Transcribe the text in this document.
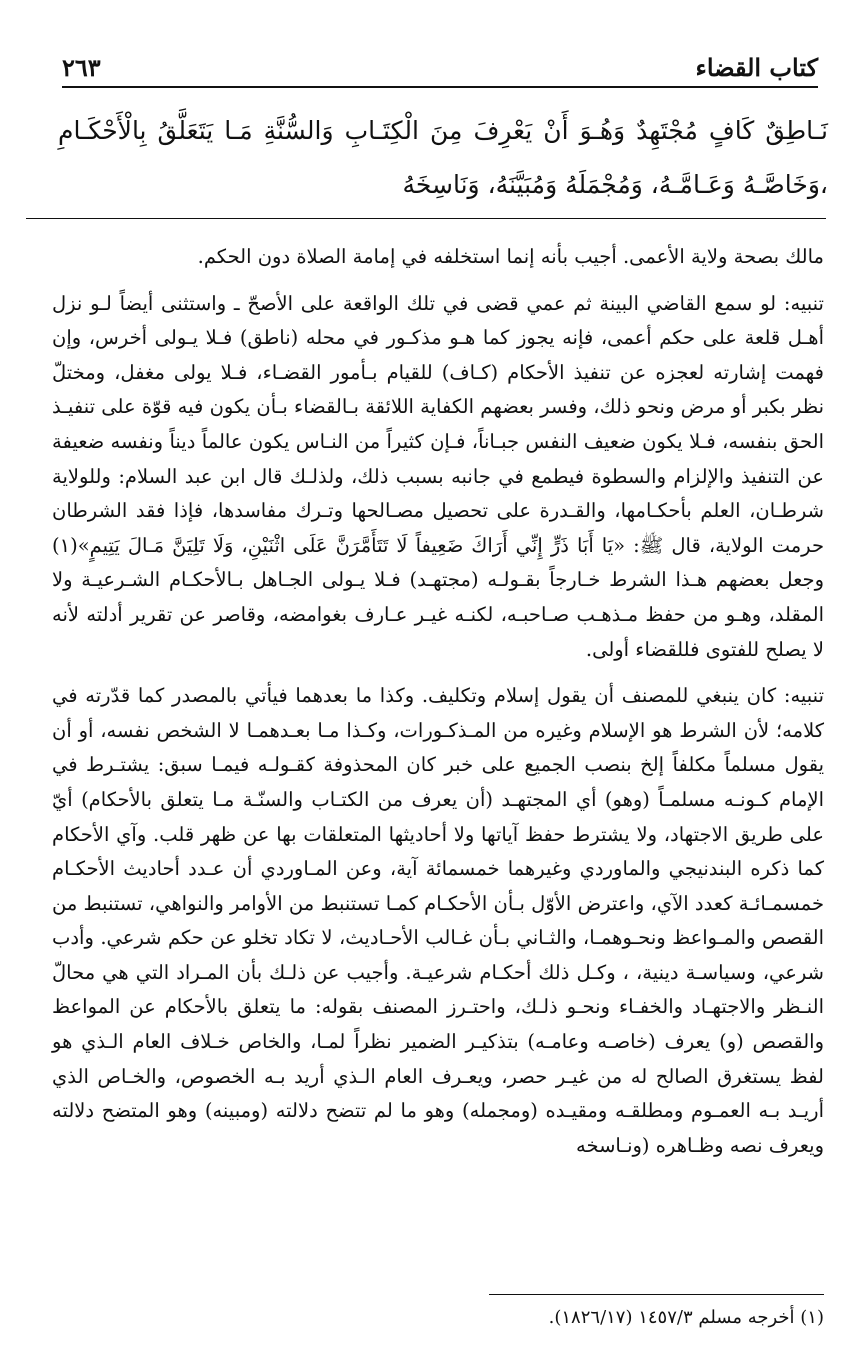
كتاب القضاء
٢٦٣
نَـاطِقٌ كَافٍ مُجْتَهِدٌ وَهُـوَ أَنْ يَعْرِفَ مِنَ الْكِتَـابِ وَالسُّنَّةِ مَـا يَتَعَلَّقُ بِالْأَحْكَـامِ ،وَخَاصَّـهُ وَعَـامَّـهُ، وَمُجْمَلَهُ وَمُبَيَّنَهُ، وَنَاسِخَهُ

مالك بصحة ولاية الأعمى. أجيب بأنه إنما استخلفه في إمامة الصلاة دون الحكم.

تنبيه: لو سمع القاضي البينة ثم عمي قضى في تلك الواقعة على الأصحّ ـ واستثنى أيضاً لـو نزل أهـل قلعة على حكم أعمى، فإنه يجوز كما هـو مذكـور في محله (ناطق) فـلا يـولى أخرس، وإن فهمت إشارته لعجزه عن تنفيذ الأحكام (كـاف) للقيام بـأمور القضـاء، فـلا يولى مغفل، ومختلّ نظر بكبر أو مرض ونحو ذلك، وفسر بعضهم الكفاية اللائقة بـالقضاء بـأن يكون فيه قوّة على تنفيـذ الحق بنفسه، فـلا يكون ضعيف النفس جبـاناً، فـإن كثيراً من النـاس يكون عالماً ديناً ونفسه ضعيفة عن التنفيذ والإلزام والسطوة فيطمع في جانبه بسبب ذلك، ولذلـك قال ابن عبد السلام: وللولاية شرطـان، العلم بأحكـامها، والقـدرة على تحصيل مصـالحها وتـرك مفاسدها، فإذا فقد الشرطان حرمت الولاية، قال ﷺ: «يَا أَبَا ذَرٍّ إِنِّي أَرَاكَ ضَعِيفاً لَا تَتَأَمَّرَنَّ عَلَى اثْنَيْنِ، وَلَا تَلِيَنَّ مَـالَ يَتِيمٍ»(١) وجعل بعضهم هـذا الشرط خـارجاً بقـولـه (مجتهـد) فـلا يـولى الجـاهل بـالأحكـام الشـرعيـة ولا المقلد، وهـو من حفظ مـذهـب صـاحبـه، لكنـه غيـر عـارف بغوامضه، وقاصر عن تقرير أدلته لأنه لا يصلح للفتوى فللقضاء أولى.

تنبيه: كان ينبغي للمصنف أن يقول إسلام وتكليف. وكذا ما بعدهما فيأتي بالمصدر كما قدّرته في كلامه؛ لأن الشرط هو الإسلام وغيره من المـذكـورات، وكـذا مـا بعـدهمـا لا الشخص نفسه، أو أن يقول مسلماً مكلفاً إلخ بنصب الجميع على خبر كان المحذوفة كقـولـه فيمـا سبق: يشتـرط في الإمام كـونـه مسلمـاً (وهو) أي المجتهـد (أن يعرف من الكتـاب والسنّـة مـا يتعلق بالأحكام) أيّ على طريق الاجتهاد، ولا يشترط حفظ آياتها ولا أحاديثها المتعلقات بها عن ظهر قلب. وآي الأحكام كما ذكره البندنيجي والماوردي وغيرهما خمسمائة آية، وعن المـاوردي أن عـدد أحاديث الأحكـام خمسمـائـة كعدد الآي، واعترض الأوّل بـأن الأحكـام كمـا تستنبط من الأوامر والنواهي، تستنبط من القصص والمـواعظ ونحـوهمـا، والثـاني بـأن غـالب الأحـاديث، لا تكاد تخلو عن حكم شرعي. وأدب شرعي، وسياسـة دينية، ، وكـل ذلك أحكـام شرعيـة. وأجيب عن ذلـك بأن المـراد التي هي محالّ النـظر والاجتهـاد والخفـاء ونحـو ذلـك، واحتـرز المصنف بقوله: ما يتعلق بالأحكام عن المواعظ والقصص (و) يعرف (خاصـه وعامـه) بتذكيـر الضمير نظراً لمـا، والخاص خـلاف العام الـذي هو لفظ يستغرق الصالح له من غيـر حصر، ويعـرف العام الـذي أريد بـه الخصوص، والخـاص الذي أريـد بـه العمـوم ومطلقـه ومقيـده (ومجمله) وهو ما لم تتضح دلالته (ومبينه) وهو المتضح دلالته ويعرف نصه وظـاهره (ونـاسخه

(١) أخرجه مسلم ١٤٥٧/٣ (١٨٢٦/١٧).
